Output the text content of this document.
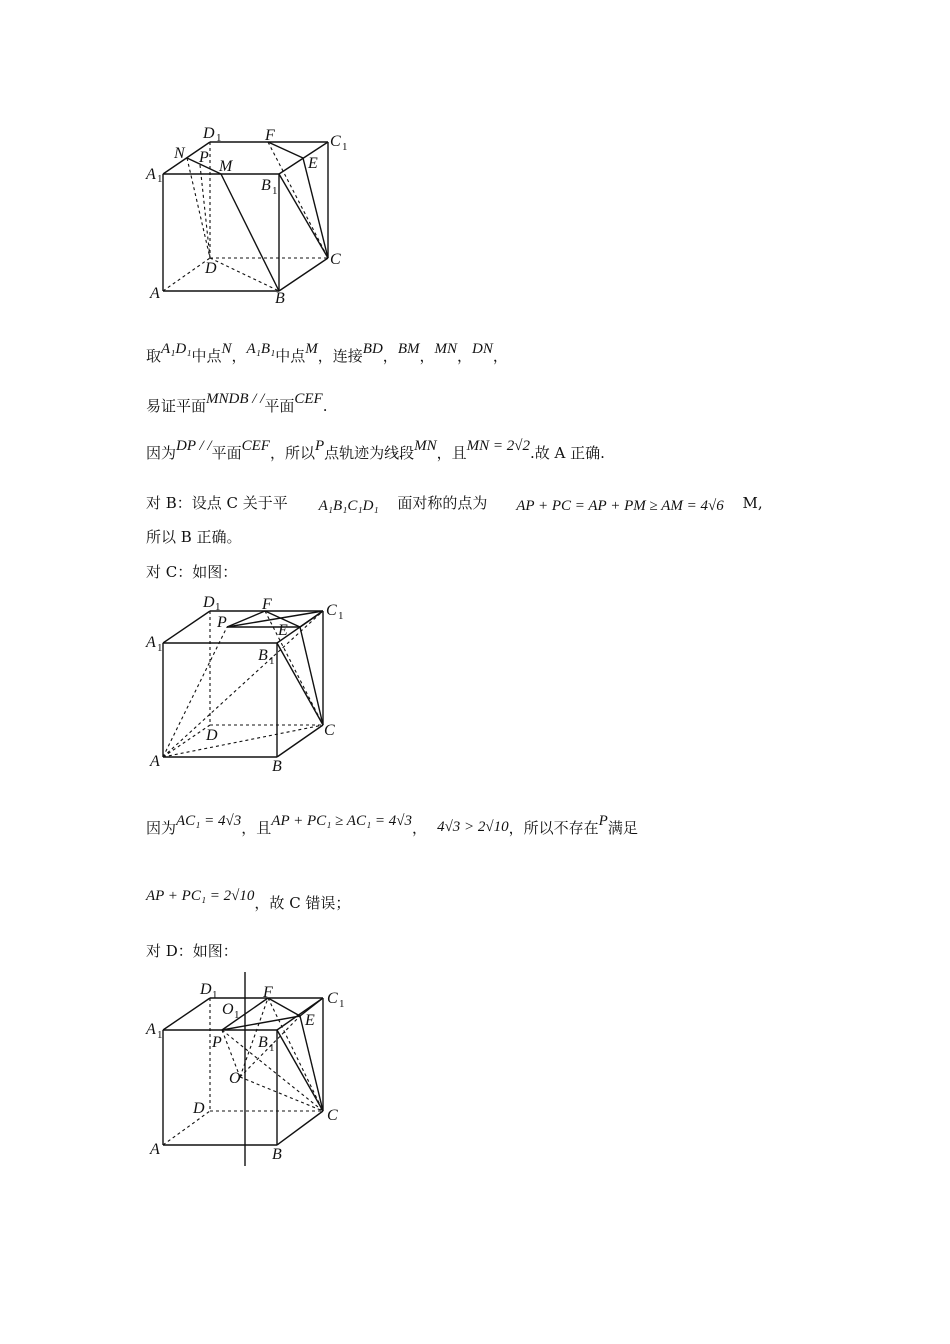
D 1	F	C 1
N P
M	E
A 1	B 1
D
C
A	B
取A₁D₁中点N，A₁B₁中点M，连接BD，BM，MN，DN，
易证平面MNDB / /平面CEF.
因为DP / /平面CEF，所以P点轨迹为线段MN，且MN = 2√2.故 A 正确.
对 B：设点 C 关于平 A₁B₁C₁D₁ 面对称的点为 AP + PC = AP + PM ≥ AM = 4√6 M,
所以 B 正确。
对 C：如图：
D 1	F	C 1
A 1
P	E
B 1
D	C
A	B
因为AC₁ = 4√3，且AP + PC₁ ≥ AC₁ = 4√3， 4√3 > 2√10，所以不存在P满足
AP + PC₁ = 2√10，故 C 错误；
对 D：如图：
D 1
O 1
F	C 1
A 1
E
P B 1
O
D	C
A	B
